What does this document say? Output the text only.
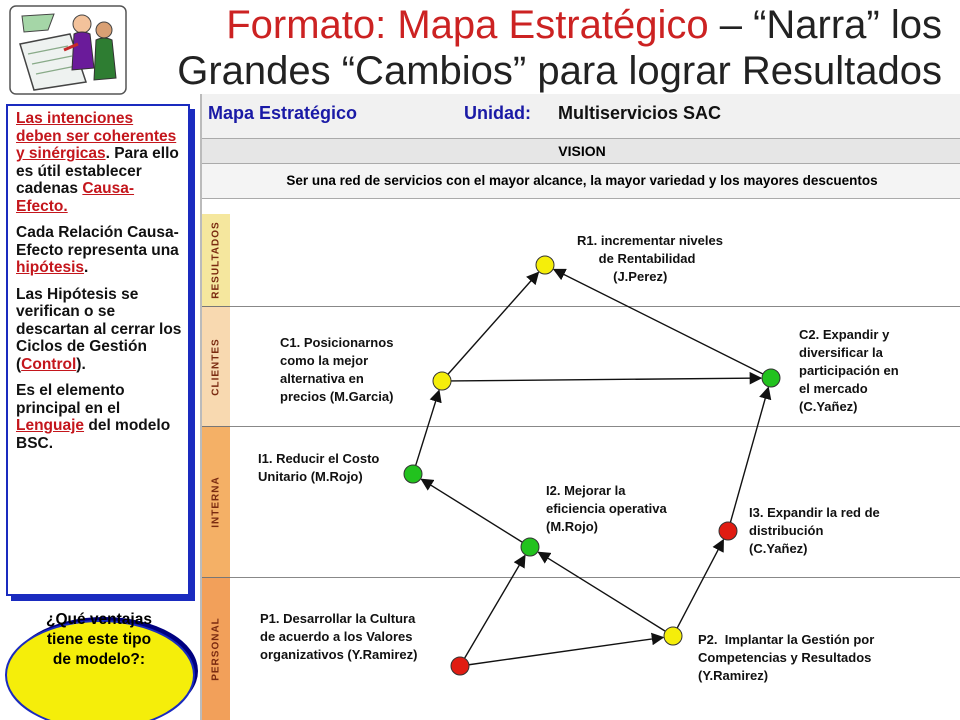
Formato: Mapa Estratégico – “Narra” los
Grandes “Cambios” para lograr Resultados

Las intenciones deben ser coherentes y sinérgicas. Para ello es útil establecer cadenas Causa-Efecto.

Cada Relación Causa-Efecto representa una hipótesis.

Las Hipótesis se verifican o se descartan al cerrar los Ciclos de Gestión (Control).

Es el elemento principal en el Lenguaje del modelo BSC.

¿Qué ventajas tiene este tipo de modelo?:
Mapa Estratégico	Unidad: Multiservicios SAC
VISION
Ser una red de servicios con el mayor alcance, la mayor variedad y los mayores descuentos
RESULTADOS
CLIENTES
INTERNA
PERSONAL
R1. incrementar niveles
de Rentabilidad
(J.Perez)
C1. Posicionarnos
como la mejor
alternativa en
precios (M.Garcia)
C2. Expandir y
diversificar la
participación en
el mercado
(C.Yañez)
I1. Reducir el Costo
Unitario (M.Rojo)
I2. Mejorar la
eficiencia operativa
(M.Rojo)
I3. Expandir la red de
distribución
(C.Yañez)
P1. Desarrollar la Cultura
de acuerdo a los Valores
organizativos (Y.Ramirez)
P2.  Implantar la Gestión por
Competencias y Resultados
(Y.Ramirez)
